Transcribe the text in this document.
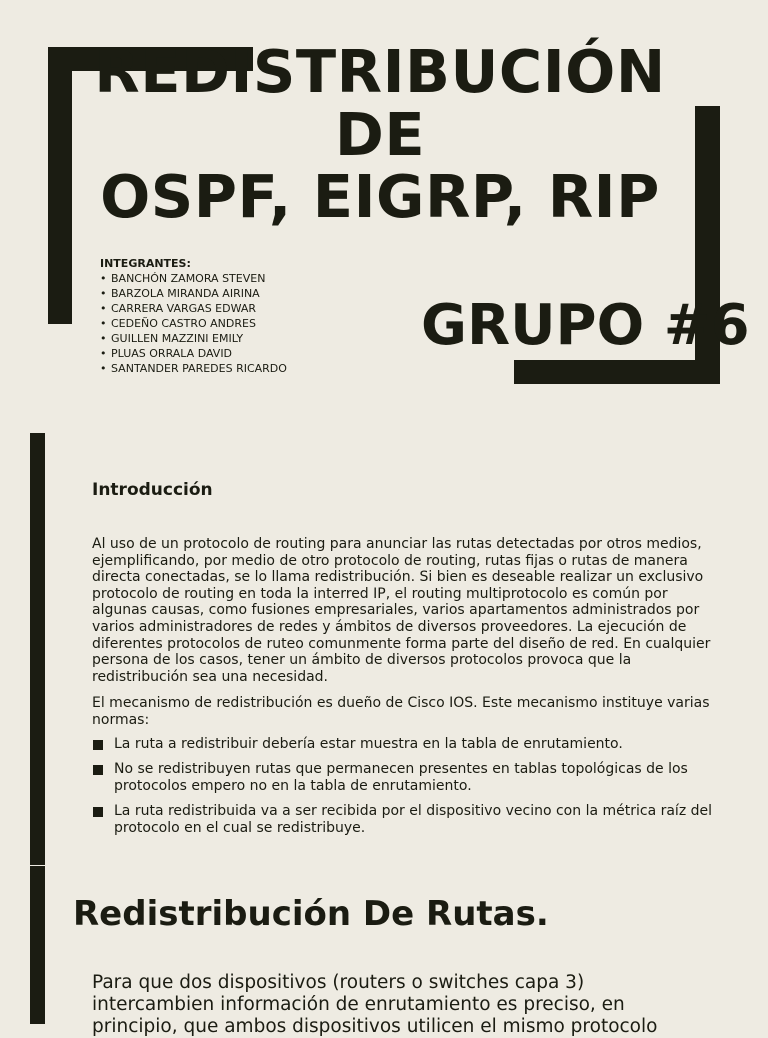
REDISTRIBUCIÓN
DE
OSPF, EIGRP, RIP
INTEGRANTES:
• BANCHÓN ZAMORA STEVEN
• BARZOLA MIRANDA AIRINA
• CARRERA VARGAS EDWAR
• CEDEÑO CASTRO ANDRES
• GUILLEN MAZZINI EMILY
• PLUAS ORRALA DAVID
• SANTANDER PAREDES RICARDO
GRUPO #6
Introducción
Al uso de un protocolo de routing para anunciar las rutas detectadas por otros medios, ejemplificando, por medio de otro protocolo de routing, rutas fijas o rutas de manera directa conectadas, se lo llama redistribución. Si bien es deseable realizar un exclusivo protocolo de routing en toda la interred IP, el routing multiprotocolo es común por algunas causas, como fusiones empresariales, varios apartamentos administrados por varios administradores de redes y ámbitos de diversos proveedores. La ejecución de diferentes protocolos de ruteo comunmente forma parte del diseño de red. En cualquier persona de los casos, tener un ámbito de diversos protocolos provoca que la redistribución sea una necesidad.
El mecanismo de redistribución es dueño de Cisco IOS. Este mecanismo instituye varias normas:
La ruta a redistribuir debería estar muestra en la tabla de enrutamiento.
No se redistribuyen rutas que permanecen presentes en tablas topológicas de los protocolos empero no en la tabla de enrutamiento.
La ruta redistribuida va a ser recibida por el dispositivo vecino con la métrica raíz del protocolo en el cual se redistribuye.
Redistribución De Rutas.
Para que dos dispositivos (routers o switches capa 3) intercambien información de enrutamiento es preciso, en principio, que ambos dispositivos utilicen el mismo protocolo
